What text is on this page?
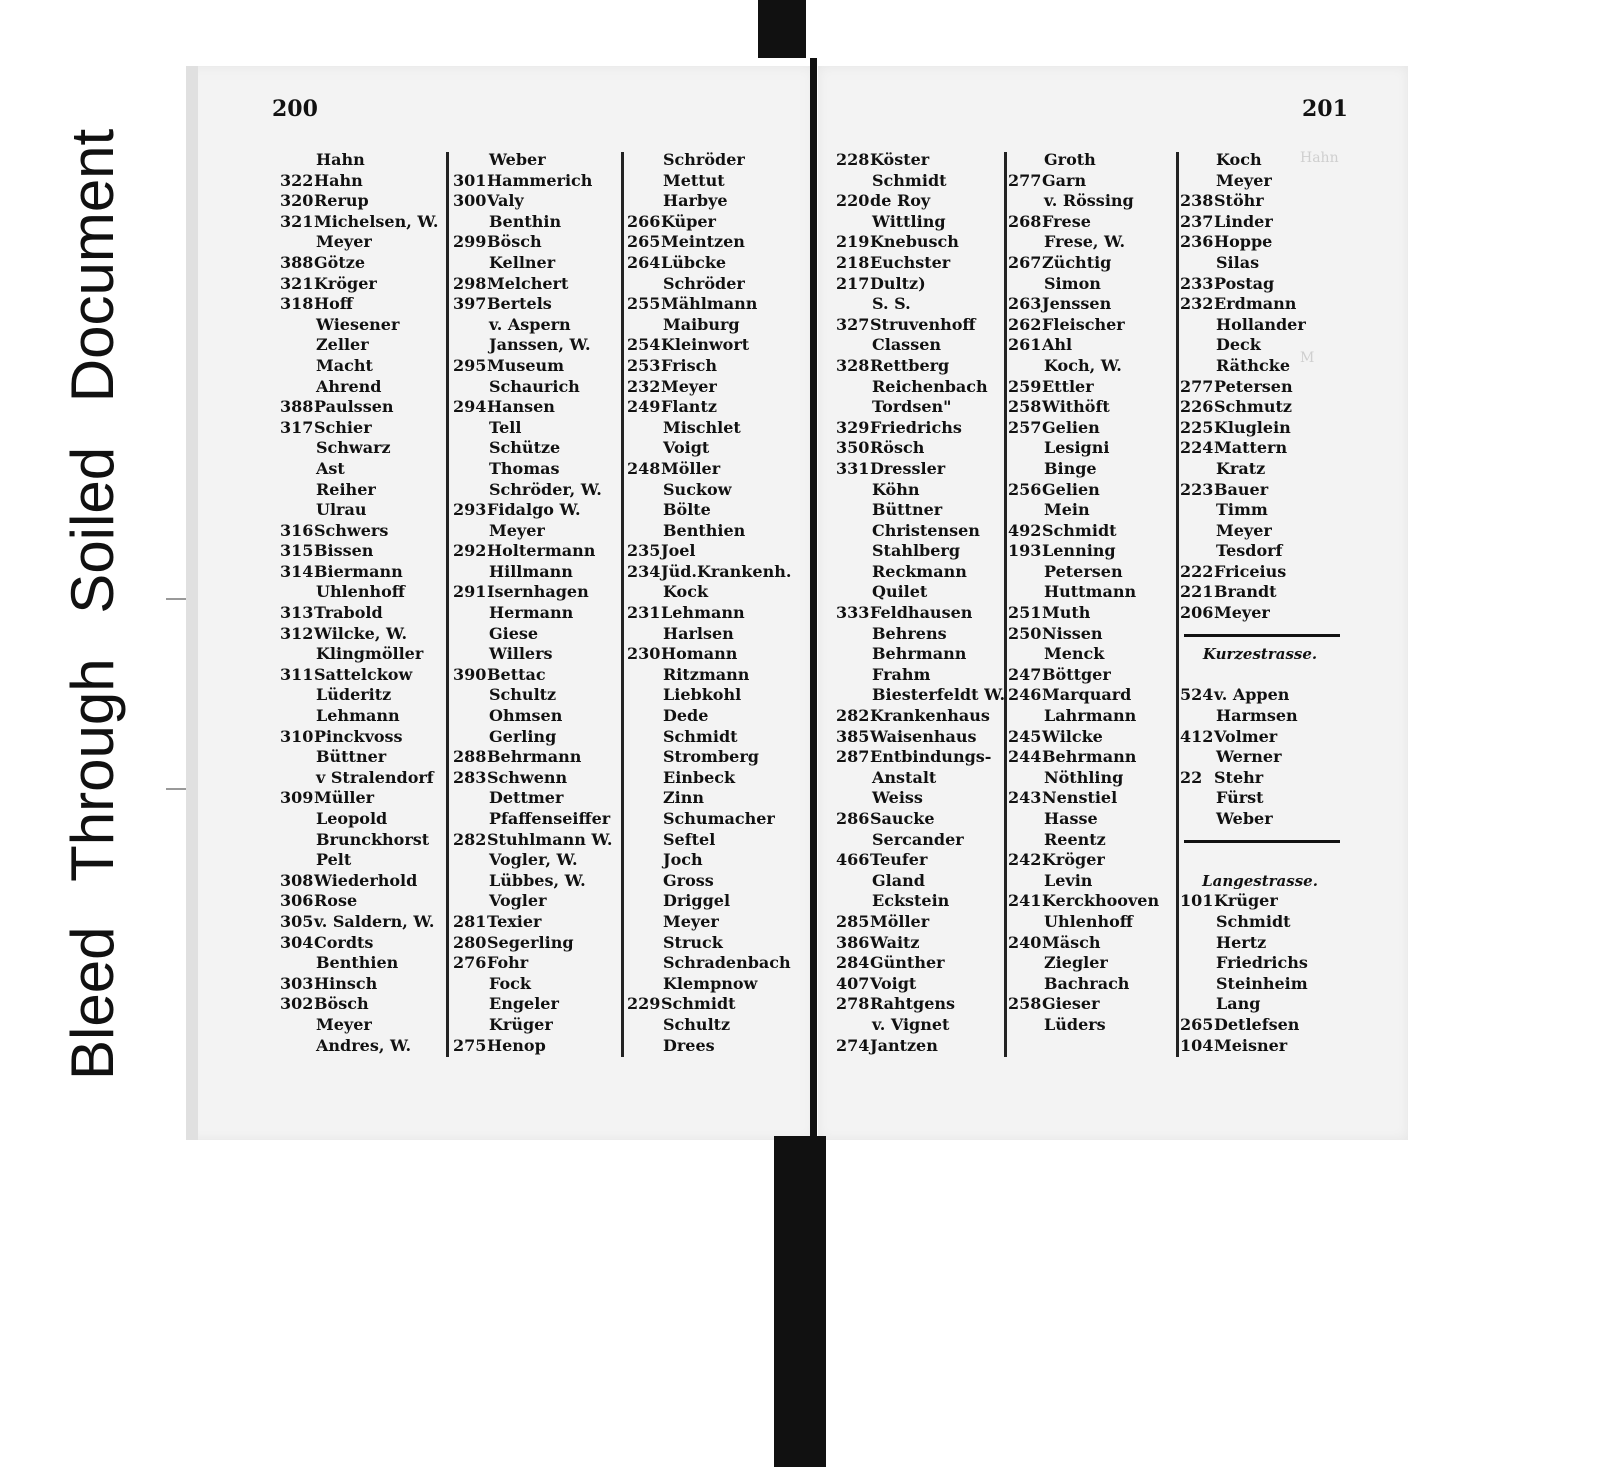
Bleed Through Soiled Document
200	201
Hahn
M
Hahn
322 Hahn
320 Rerup
321 Michelsen, W.
Meyer
388 Götze
321 Kröger
318 Hoff
Wiesener
Zeller
Macht
Ahrend
388 Paulssen
317 Schier
Schwarz
Ast
Reiher
Ulrau
316 Schwers
315 Bissen
314 Biermann
Uhlenhoff
313 Trabold
312 Wilcke, W.
Klingmöller
311 Sattelckow
Lüderitz
Lehmann
310 Pinckvoss
Büttner
v Stralendorf
309 Müller
Leopold
Brunckhorst
Pelt
308 Wiederhold
306 Rose
305 v. Saldern, W.
304 Cordts
Benthien
303 Hinsch
302 Bösch
Meyer
Andres, W.
Weber
301 Hammerich
300 Valy
Benthin
299 Bösch
Kellner
298 Melchert
397 Bertels
v. Aspern
Janssen, W.
295 Museum
Schaurich
294 Hansen
Tell
Schütze
Thomas
Schröder, W.
293 Fidalgo W.
Meyer
292 Holtermann
Hillmann
291 Isernhagen
Hermann
Giese
Willers
390 Bettac
Schultz
Ohmsen
Gerling
288 Behrmann
283 Schwenn
Dettmer
Pfaffenseiffer
282 Stuhlmann W.
Vogler, W.
Lübbes, W.
Vogler
281 Texier
280 Segerling
276 Fohr
Fock
Engeler
Krüger
275 Henop
Schröder
Mettut
Harbye
266 Küper
265 Meintzen
264 Lübcke
Schröder
255 Mählmann
Maiburg
254 Kleinwort
253 Frisch
232 Meyer
249 Flantz
Mischlet
Voigt
248 Möller
Suckow
Bölte
Benthien
235 Joel
234 Jüd.Krankenh.
Kock
231 Lehmann
Harlsen
230 Homann
Ritzmann
Liebkohl
Dede
Schmidt
Stromberg
Einbeck
Zinn
Schumacher
Seftel
Joch
Gross
Driggel
Meyer
Struck
Schradenbach
Klempnow
229 Schmidt
Schultz
Drees
228 Köster
Schmidt
220 de Roy
Wittling
219 Knebusch
218 Euchster
217 Dultz)
S. S.
327 Struvenhoff
Classen
328 Rettberg
Reichenbach
Tordsen"
329 Friedrichs
350 Rösch
331 Dressler
Köhn
Büttner
Christensen
Stahlberg
Reckmann
Quilet
333 Feldhausen
Behrens
Behrmann
Frahm
Biesterfeldt W.
282 Krankenhaus
385 Waisenhaus
287 Entbindungs-
Anstalt
Weiss
286 Saucke
Sercander
466 Teufer
Gland
Eckstein
285 Möller
386 Waitz
284 Günther
407 Voigt
278 Rahtgens
v. Vignet
274 Jantzen
Groth
277 Garn
v. Rössing
268 Frese
Frese, W.
267 Züchtig
Simon
263 Jenssen
262 Fleischer
261 Ahl
Koch, W.
259 Ettler
258 Withöft
257 Gelien
Lesigni
Binge
256 Gelien
Mein
492 Schmidt
193 Lenning
Petersen
Huttmann
251 Muth
250 Nissen
Menck
247 Böttger
246 Marquard
Lahrmann
245 Wilcke
244 Behrmann
Nöthling
243 Nenstiel
Hasse
Reentz
242 Kröger
Levin
241 Kerckhooven
Uhlenhoff
240 Mäsch
Ziegler
Bachrach
258 Gieser
Lüders
Koch
Meyer
238 Stöhr
237 Linder
236 Hoppe
Silas
233 Postag
232 Erdmann
Hollander
Deck
Räthcke
277 Petersen
226 Schmutz
225 Kluglein
224 Mattern
Kratz
223 Bauer
Timm
Meyer
Tesdorf
222 Friceius
221 Brandt
206 Meyer
Kurzestrasse.
524 v. Appen
Harmsen
412 Volmer
Werner
22 Stehr
Fürst
Weber
Langestrasse.
101 Krüger
Schmidt
Hertz
Friedrichs
Steinheim
Lang
265 Detlefsen
104 Meisner
